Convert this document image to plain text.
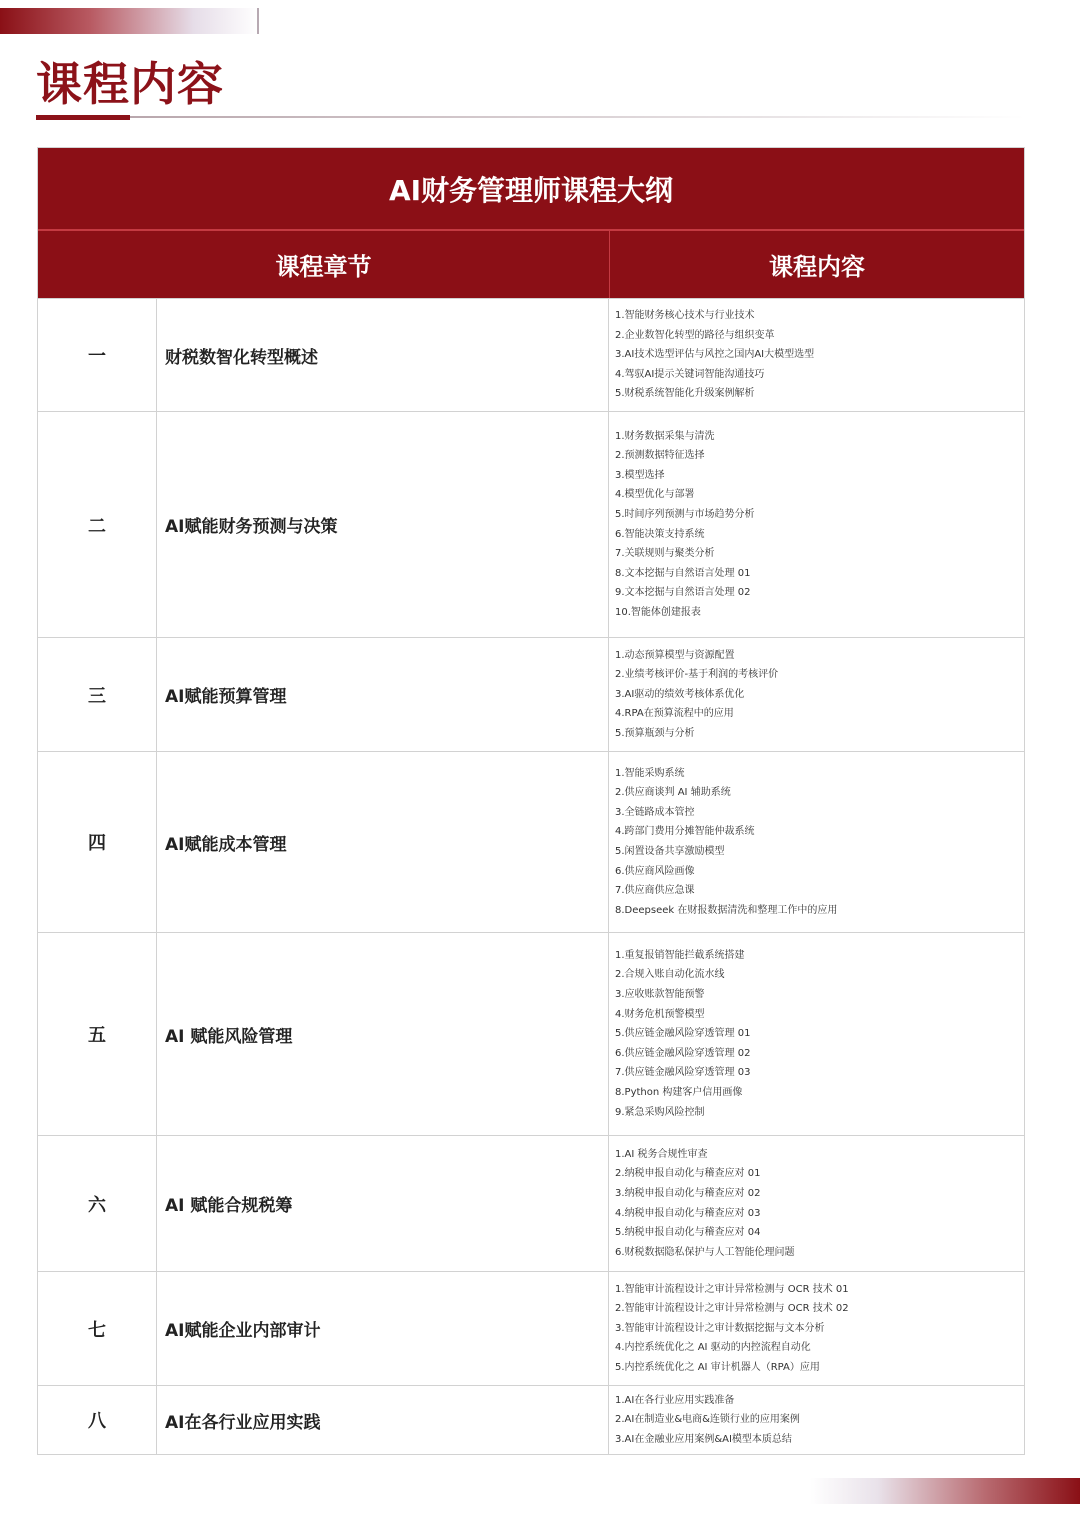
课程内容
AI财务管理师课程大纲
课程章节	课程内容
一	财税数智化转型概述
1.智能财务核心技术与行业技术
2.企业数智化转型的路径与组织变革
3.AI技术选型评估与风控之国内AI大模型选型
4.驾驭AI提示关键词智能沟通技巧
5.财税系统智能化升级案例解析
二	AI赋能财务预测与决策
1.财务数据采集与清洗
2.预测数据特征选择
3.模型选择
4.模型优化与部署
5.时间序列预测与市场趋势分析
6.智能决策支持系统
7.关联规则与聚类分析
8.文本挖掘与自然语言处理 01
9.文本挖掘与自然语言处理 02
10.智能体创建报表
三	AI赋能预算管理
1.动态预算模型与资源配置
2.业绩考核评价-基于利润的考核评价
3.AI驱动的绩效考核体系优化
4.RPA在预算流程中的应用
5.预算瓶颈与分析
四	AI赋能成本管理
1.智能采购系统
2.供应商谈判 AI 辅助系统
3.全链路成本管控
4.跨部门费用分摊智能仲裁系统
5.闲置设备共享激励模型
6.供应商风险画像
7.供应商供应急课
8.Deepseek 在财报数据清洗和整理工作中的应用
五	AI 赋能风险管理
1.重复报销智能拦截系统搭建
2.合规入账自动化流水线
3.应收账款智能预警
4.财务危机预警模型
5.供应链金融风险穿透管理 01
6.供应链金融风险穿透管理 02
7.供应链金融风险穿透管理 03
8.Python 构建客户信用画像
9.紧急采购风险控制
六	AI 赋能合规税筹
1.AI 税务合规性审查
2.纳税申报自动化与稽查应对 01
3.纳税申报自动化与稽查应对 02
4.纳税申报自动化与稽查应对 03
5.纳税申报自动化与稽查应对 04
6.财税数据隐私保护与人工智能伦理问题
七	AI赋能企业内部审计
1.智能审计流程设计之审计异常检测与 OCR 技术 01
2.智能审计流程设计之审计异常检测与 OCR 技术 02
3.智能审计流程设计之审计数据挖掘与文本分析
4.内控系统优化之 AI 驱动的内控流程自动化
5.内控系统优化之 AI 审计机器人（RPA）应用
八	AI在各行业应用实践
1.AI在各行业应用实践准备
2.AI在制造业&电商&连锁行业的应用案例
3.AI在金融业应用案例&AI模型本质总结
